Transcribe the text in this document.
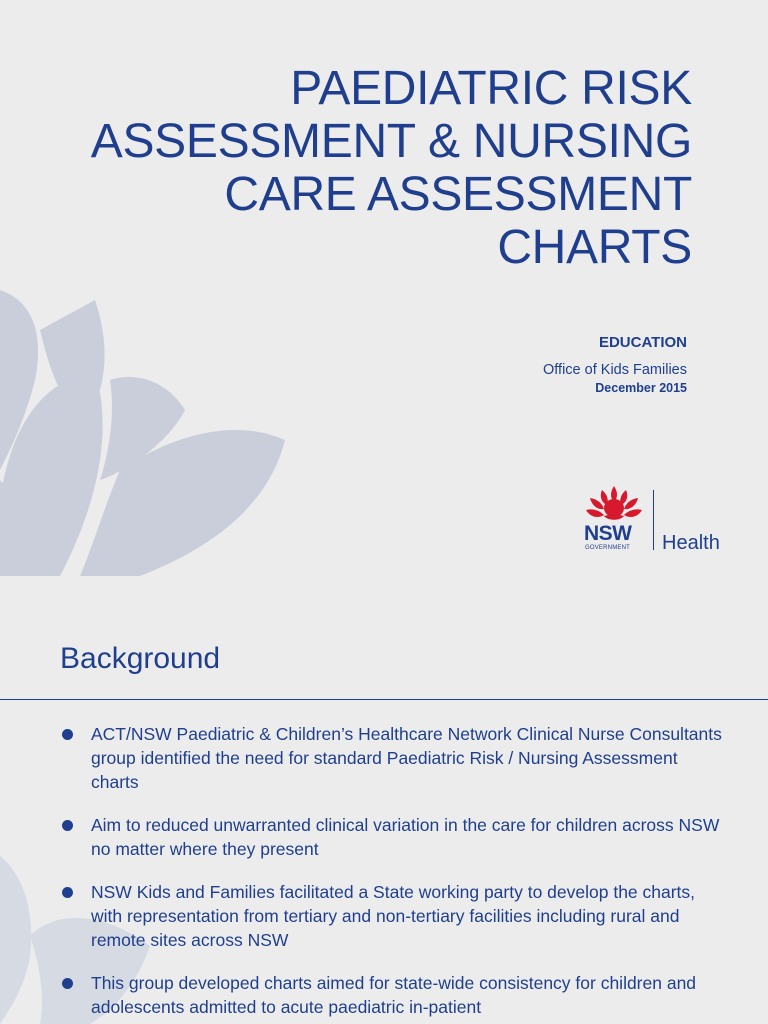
PAEDIATRIC RISK
ASSESSMENT & NURSING
CARE ASSESSMENT
CHARTS
EDUCATION
Office of Kids Families
December 2015
NSW
GOVERNMENT Health
Background
ACT/NSW Paediatric & Children’s Healthcare Network Clinical Nurse Consultants group identified the need for standard Paediatric Risk / Nursing Assessment charts
Aim to reduced unwarranted clinical variation in the care for children across NSW no matter where they present
NSW Kids and Families facilitated a State working party to develop the charts, with representation from tertiary and non-tertiary facilities including rural and remote sites across NSW
This group developed charts aimed for state-wide consistency for children and adolescents admitted to acute paediatric in-patient
